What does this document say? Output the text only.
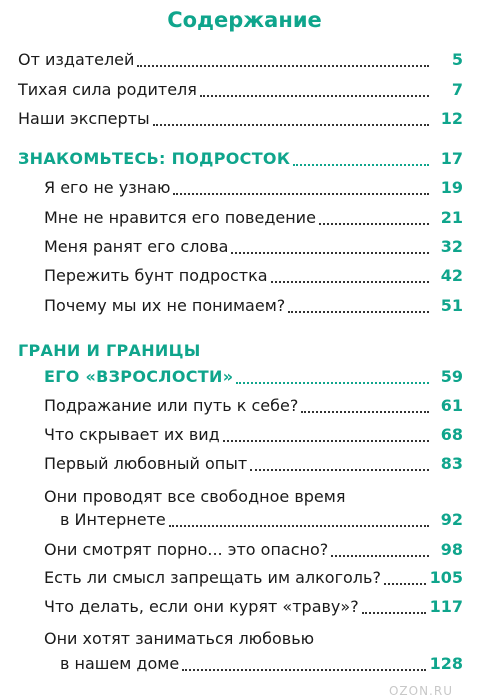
Содержание
От издателей	5
Тихая сила родителя	7
Наши эксперты	12
ЗНАКОМЬТЕСЬ: ПОДРОСТОК	17
Я его не узнаю	19
Мне не нравится его поведение	21
Меня ранят его слова	32
Пережить бунт подростка	42
Почему мы их не понимаем?	51
ГРАНИ И ГРАНИЦЫ
ЕГО «ВЗРОСЛОСТИ»	59
Подражание или путь к себе?	61
Что скрывает их вид	68
Первый любовный опыт	83
Они проводят все свободное время
в Интернете	92
Они смотрят порно... это опасно?	98
Есть ли смысл запрещать им алкоголь?	105
Что делать, если они курят «траву»?	117
Они хотят заниматься любовью
в нашем доме	128
OZON.RU
